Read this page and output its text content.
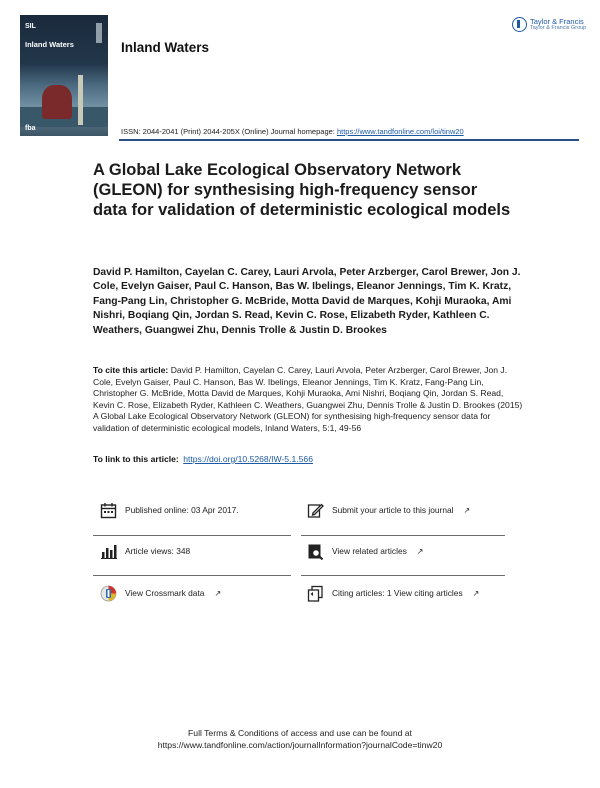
SIL
Inland Waters
fba
Inland Waters
Taylor & Francis
Taylor & Francis Group
ISSN: 2044-2041 (Print) 2044-205X (Online) Journal homepage: https://www.tandfonline.com/loi/tinw20
A Global Lake Ecological Observatory Network (GLEON) for synthesising high-frequency sensor data for validation of deterministic ecological models
David P. Hamilton, Cayelan C. Carey, Lauri Arvola, Peter Arzberger, Carol Brewer, Jon J. Cole, Evelyn Gaiser, Paul C. Hanson, Bas W. Ibelings, Eleanor Jennings, Tim K. Kratz, Fang-Pang Lin, Christopher G. McBride, Motta David de Marques, Kohji Muraoka, Ami Nishri, Boqiang Qin, Jordan S. Read, Kevin C. Rose, Elizabeth Ryder, Kathleen C. Weathers, Guangwei Zhu, Dennis Trolle & Justin D. Brookes
To cite this article: David P. Hamilton, Cayelan C. Carey, Lauri Arvola, Peter Arzberger, Carol Brewer, Jon J. Cole, Evelyn Gaiser, Paul C. Hanson, Bas W. Ibelings, Eleanor Jennings, Tim K. Kratz, Fang-Pang Lin, Christopher G. McBride, Motta David de Marques, Kohji Muraoka, Ami Nishri, Boqiang Qin, Jordan S. Read, Kevin C. Rose, Elizabeth Ryder, Kathleen C. Weathers, Guangwei Zhu, Dennis Trolle & Justin D. Brookes (2015) A Global Lake Ecological Observatory Network (GLEON) for synthesising high-frequency sensor data for validation of deterministic ecological models, Inland Waters, 5:1, 49-56
To link to this article: https://doi.org/10.5268/IW-5.1.566
Published online: 03 Apr 2017.	Submit your article to this journal ↗
Article views: 348	View related articles ↗
View Crossmark data ↗	Citing articles: 1 View citing articles ↗
Full Terms & Conditions of access and use can be found at
https://www.tandfonline.com/action/journalInformation?journalCode=tinw20
